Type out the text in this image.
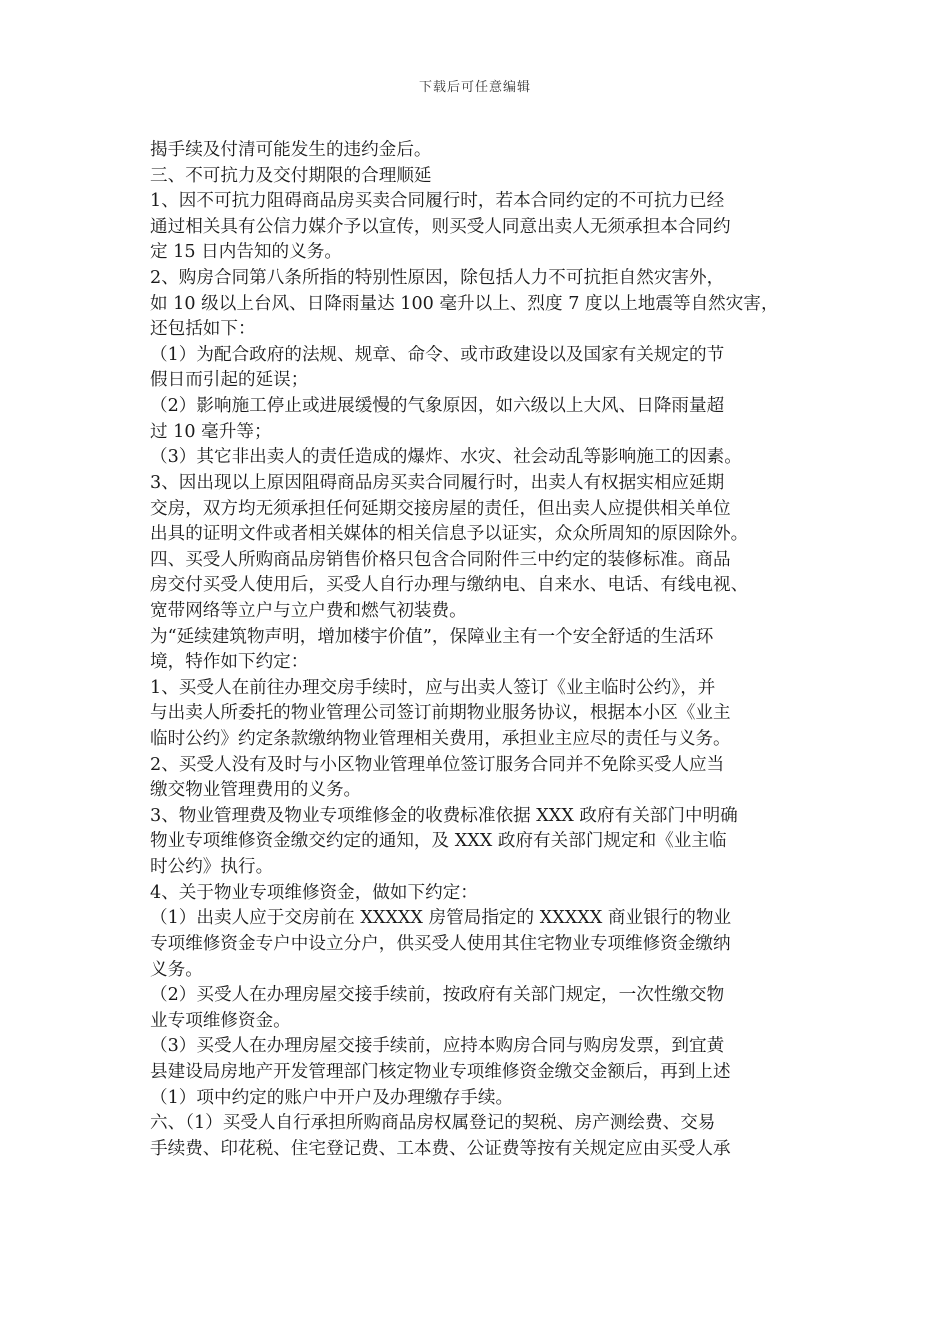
下载后可任意编辑
揭手续及付清可能发生的违约金后。
三、不可抗力及交付期限的合理顺延
1、因不可抗力阻碍商品房买卖合同履行时，若本合同约定的不可抗力已经
通过相关具有公信力媒介予以宣传，则买受人同意出卖人无须承担本合同约
定 15 日内告知的义务。
2、购房合同第八条所指的特别性原因，除包括人力不可抗拒自然灾害外，
如 10 级以上台风、日降雨量达 100 毫升以上、烈度 7 度以上地震等自然灾害，
还包括如下：
（1）为配合政府的法规、规章、命令、或市政建设以及国家有关规定的节
假日而引起的延误；
（2）影响施工停止或进展缓慢的气象原因，如六级以上大风、日降雨量超
过 10 毫升等；
（3）其它非出卖人的责任造成的爆炸、水灾、社会动乱等影响施工的因素。
3、因出现以上原因阻碍商品房买卖合同履行时，出卖人有权据实相应延期
交房，双方均无须承担任何延期交接房屋的责任，但出卖人应提供相关单位
出具的证明文件或者相关媒体的相关信息予以证实，众众所周知的原因除外。
四、买受人所购商品房销售价格只包含合同附件三中约定的装修标准。商品
房交付买受人使用后，买受人自行办理与缴纳电、自来水、电话、有线电视、
宽带网络等立户与立户费和燃气初装费。
为“延续建筑物声明，增加楼宇价值”，保障业主有一个安全舒适的生活环
境，特作如下约定：
1、买受人在前往办理交房手续时，应与出卖人签订《业主临时公约》，并
与出卖人所委托的物业管理公司签订前期物业服务协议，根据本小区《业主
临时公约》约定条款缴纳物业管理相关费用，承担业主应尽的责任与义务。
2、买受人没有及时与小区物业管理单位签订服务合同并不免除买受人应当
缴交物业管理费用的义务。
3、物业管理费及物业专项维修金的收费标准依据 XXX 政府有关部门中明确
物业专项维修资金缴交约定的通知，及 XXX 政府有关部门规定和《业主临
时公约》执行。
4、关于物业专项维修资金，做如下约定：
（1）出卖人应于交房前在 XXXXX 房管局指定的 XXXXX 商业银行的物业
专项维修资金专户中设立分户，供买受人使用其住宅物业专项维修资金缴纳
义务。
（2）买受人在办理房屋交接手续前，按政府有关部门规定，一次性缴交物
业专项维修资金。
（3）买受人在办理房屋交接手续前，应持本购房合同与购房发票，到宜黄
县建设局房地产开发管理部门核定物业专项维修资金缴交金额后，再到上述
（1）项中约定的账户中开户及办理缴存手续。
六、（1）买受人自行承担所购商品房权属登记的契税、房产测绘费、交易
手续费、印花税、住宅登记费、工本费、公证费等按有关规定应由买受人承
